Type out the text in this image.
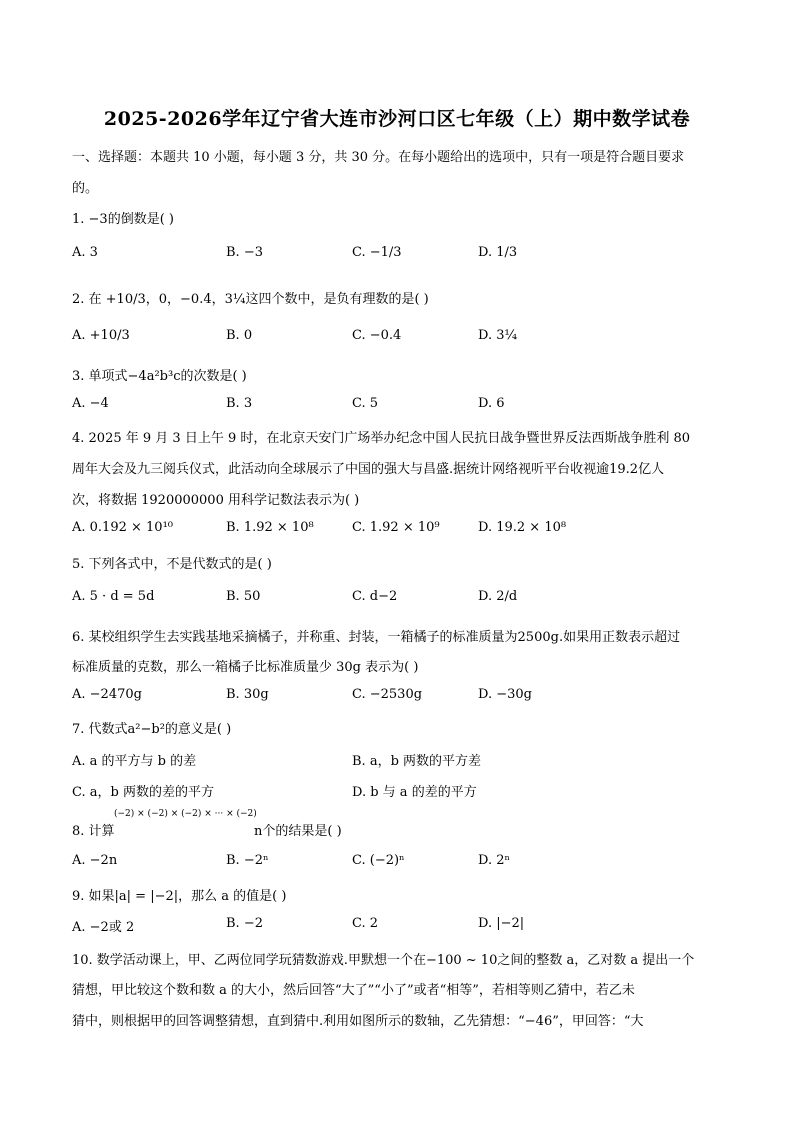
2025-2026学年辽宁省大连市沙河口区七年级（上）期中数学试卷
一、选择题：本题共 10 小题，每小题 3 分，共 30 分。在每小题给出的选项中，只有一项是符合题目要求
的。
1. −3的倒数是( )
A. 3	B. −3	C. −1/3	D. 1/3
2. 在 +10/3，0，−0.4，3¼这四个数中，是负有理数的是( )
A. +10/3	B. 0	C. −0.4	D. 3¼
3. 单项式−4a²b³c的次数是( )
A. −4	B. 3	C. 5	D. 6
4. 2025 年 9 月 3 日上午 9 时，在北京天安门广场举办纪念中国人民抗日战争暨世界反法西斯战争胜利 80
周年大会及九三阅兵仪式，此活动向全球展示了中国的强大与昌盛.据统计网络视听平台收视逾19.2亿人
次，将数据 1920000000 用科学记数法表示为( )
A. 0.192 × 10¹⁰	B. 1.92 × 10⁸	C. 1.92 × 10⁹	D. 19.2 × 10⁸
5. 下列各式中，不是代数式的是( )
A. 5 · d = 5d	B. 50	C. d−2	D. 2/d
6. 某校组织学生去实践基地采摘橘子，并称重、封装，一箱橘子的标准质量为2500g.如果用正数表示超过
标准质量的克数，那么一箱橘子比标准质量少 30g 表示为( )
A. −2470g	B. 30g	C. −2530g	D. −30g
7. 代数式a²−b²的意义是( )
A. a 的平方与 b 的差	B. a，b 两数的平方差
C. a，b 两数的差的平方	D. b 与 a 的差的平方
8. 计算
(−2) × (−2) × (−2) × ··· × (−2)
n个的结果是( )
A. −2n	B. −2ⁿ	C. (−2)ⁿ	D. 2ⁿ
9. 如果|a| = |−2|，那么 a 的值是( )
A. −2或 2	B. −2	C. 2	D. |−2|
10. 数学活动课上，甲、乙两位同学玩猜数游戏.甲默想一个在−100 ~ 10之间的整数 a，乙对数 a 提出一个
猜想，甲比较这个数和数 a 的大小，然后回答“大了”“小了”或者“相等”，若相等则乙猜中，若乙未
猜中，则根据甲的回答调整猜想，直到猜中.利用如图所示的数轴，乙先猜想：“−46”，甲回答：“大
